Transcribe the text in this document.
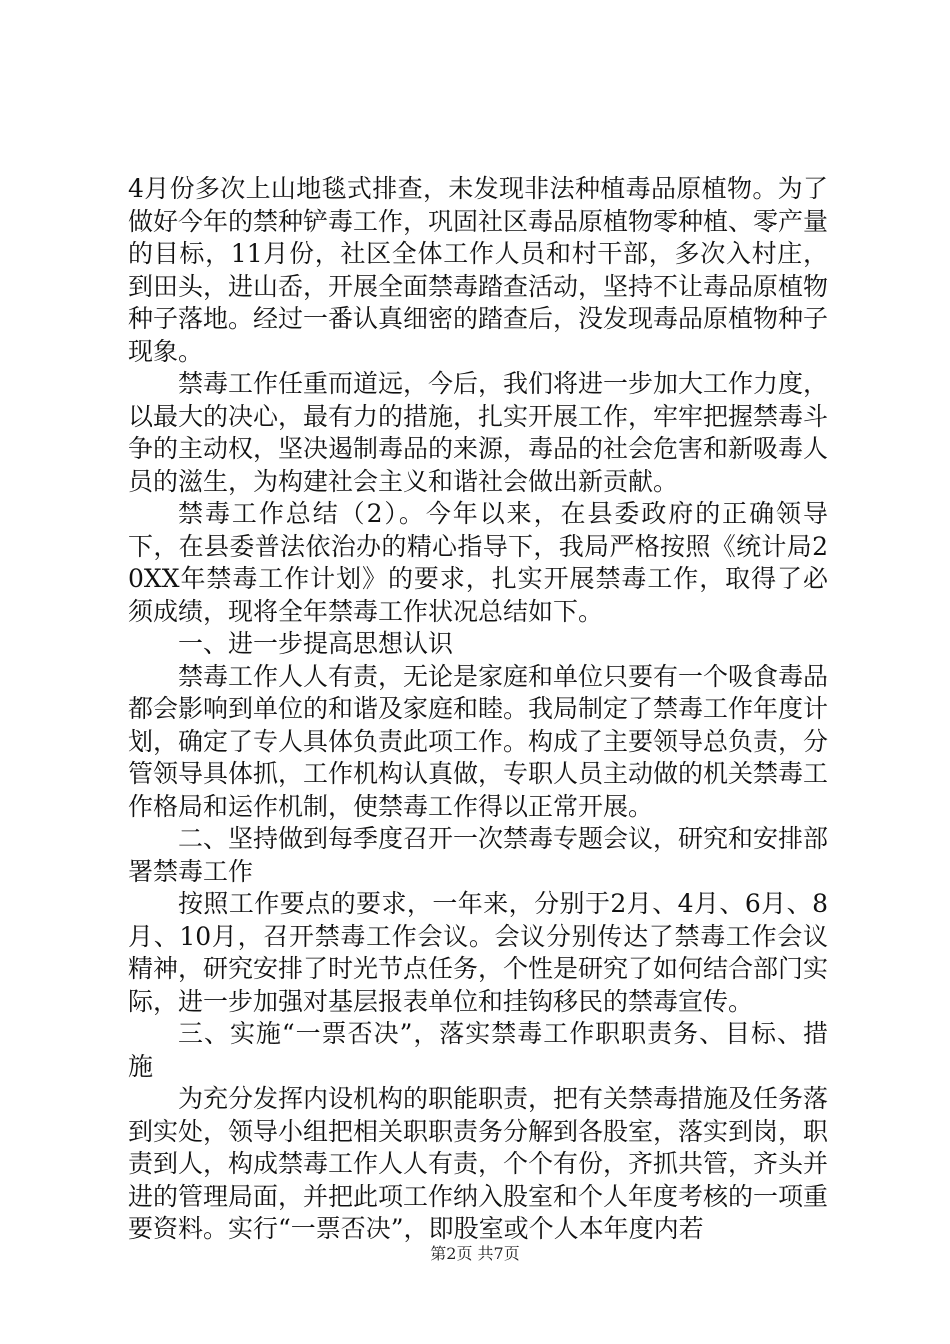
4月份多次上山地毯式排查，未发现非法种植毒品原植物。为了做好今年的禁种铲毒工作，巩固社区毒品原植物零种植、零产量的目标，11月份，社区全体工作人员和村干部，多次入村庄，到田头，进山岙，开展全面禁毒踏查活动，坚持不让毒品原植物种子落地。经过一番认真细密的踏查后，没发现毒品原植物种子现象。

禁毒工作任重而道远，今后，我们将进一步加大工作力度，以最大的决心，最有力的措施，扎实开展工作，牢牢把握禁毒斗争的主动权，坚决遏制毒品的来源，毒品的社会危害和新吸毒人员的滋生，为构建社会主义和谐社会做出新贡献。

禁毒工作总结（2）。今年以来，在县委政府的正确领导下，在县委普法依治办的精心指导下，我局严格按照《统计局20XX年禁毒工作计划》的要求，扎实开展禁毒工作，取得了必须成绩，现将全年禁毒工作状况总结如下。

一、进一步提高思想认识

禁毒工作人人有责，无论是家庭和单位只要有一个吸食毒品都会影响到单位的和谐及家庭和睦。我局制定了禁毒工作年度计划，确定了专人具体负责此项工作。构成了主要领导总负责，分管领导具体抓，工作机构认真做，专职人员主动做的机关禁毒工作格局和运作机制，使禁毒工作得以正常开展。

二、坚持做到每季度召开一次禁毒专题会议，研究和安排部署禁毒工作

按照工作要点的要求，一年来，分别于2月、4月、6月、8月、10月，召开禁毒工作会议。会议分别传达了禁毒工作会议精神，研究安排了时光节点任务，个性是研究了如何结合部门实际，进一步加强对基层报表单位和挂钩移民的禁毒宣传。

三、实施“一票否决”，落实禁毒工作职职责务、目标、措施

为充分发挥内设机构的职能职责，把有关禁毒措施及任务落到实处，领导小组把相关职职责务分解到各股室，落实到岗，职责到人，构成禁毒工作人人有责，个个有份，齐抓共管，齐头并进的管理局面，并把此项工作纳入股室和个人年度考核的一项重要资料。实行“一票否决”，即股室或个人本年度内若

第2页 共7页
